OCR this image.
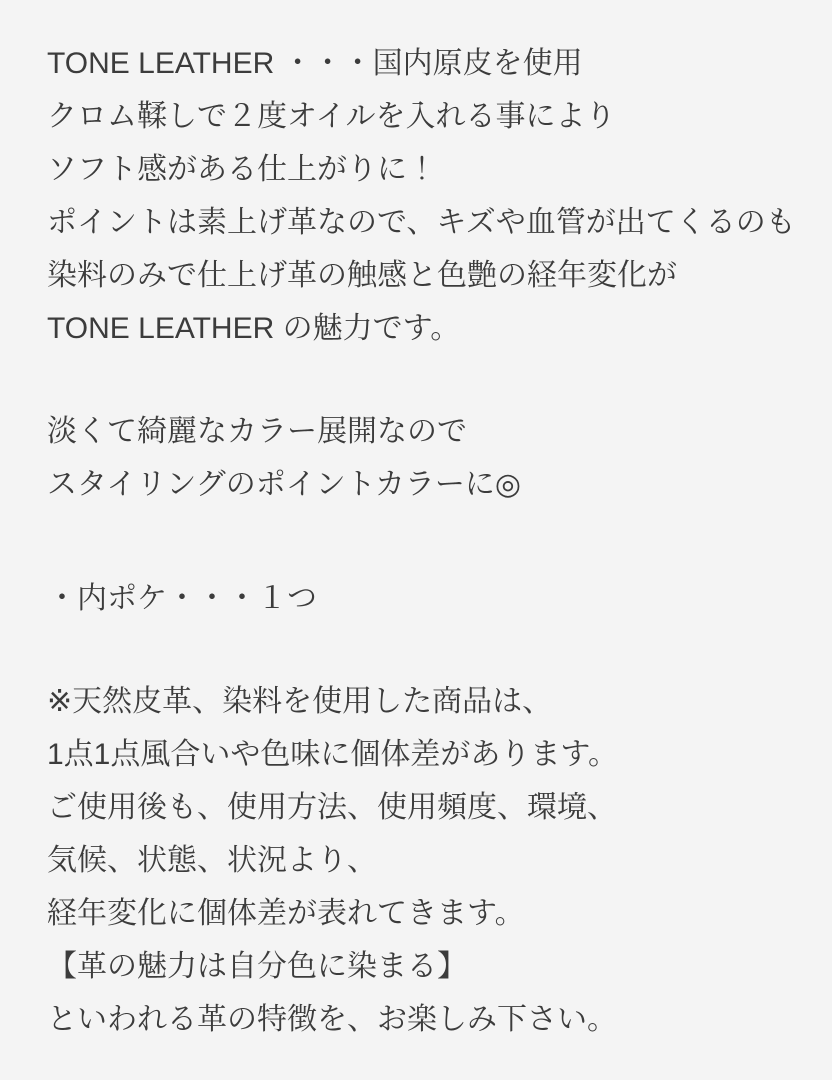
TONE LEATHER ・・・国内原皮を使用
クロム鞣しで２度オイルを入れる事により
ソフト感がある仕上がりに！
ポイントは素上げ革なので、キズや血管が出てくるのも
染料のみで仕上げ革の触感と色艶の経年変化が
TONE LEATHER の魅力です。
淡くて綺麗なカラー展開なので
スタイリングのポイントカラーに◎
・内ポケ・・・１つ
※天然皮革、染料を使用した商品は、
1点1点風合いや色味に個体差があります。
ご使用後も、使用方法、使用頻度、環境、
気候、状態、状況より、
経年変化に個体差が表れてきます。
【革の魅力は自分色に染まる】
といわれる革の特徴を、お楽しみ下さい。
